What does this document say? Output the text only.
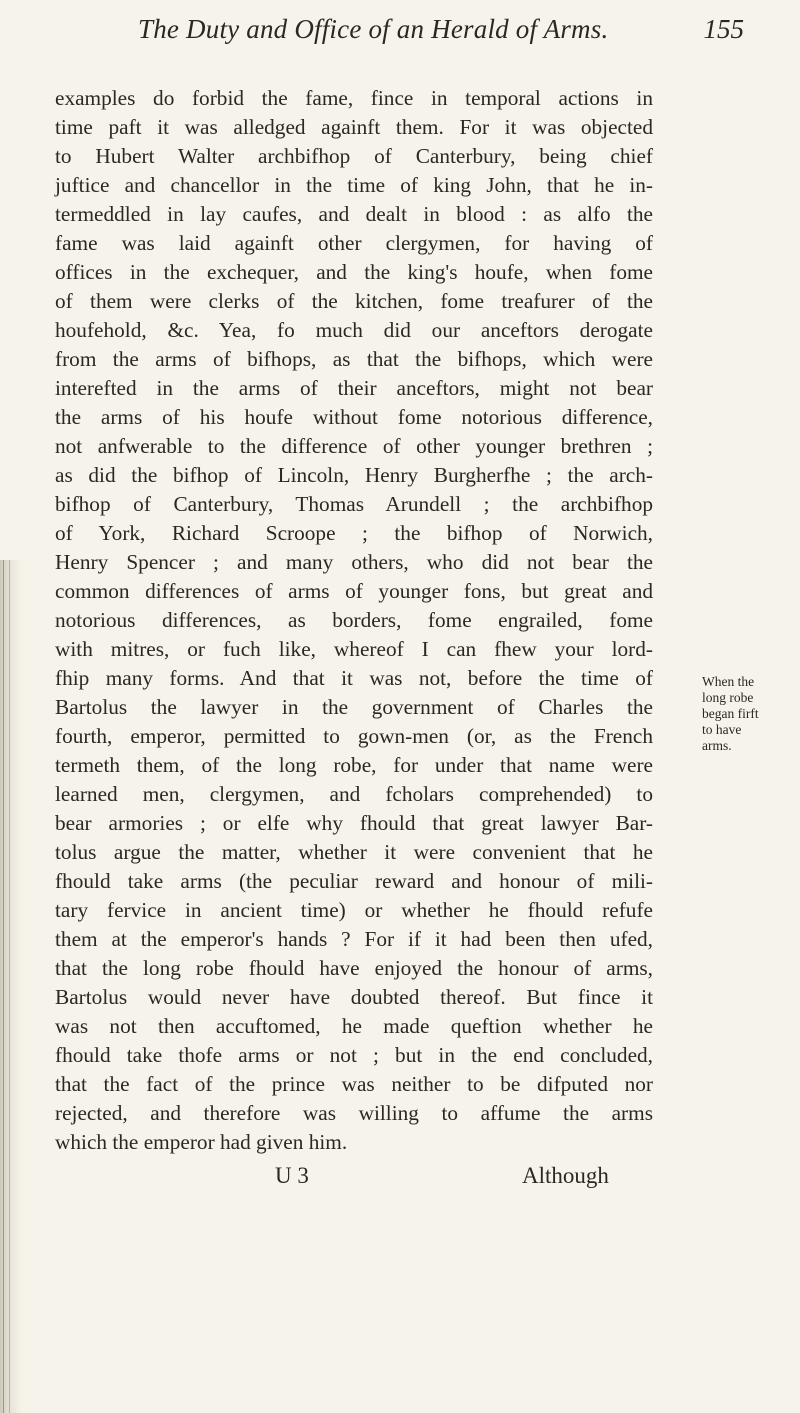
The Duty and Office of an Herald of Arms.	155
examples do forbid the fame, fince in temporal actions in
time paft it was alledged againft them. For it was objected
to Hubert Walter archbifhop of Canterbury, being chief
juftice and chancellor in the time of king John, that he in-
termeddled in lay caufes, and dealt in blood : as alfo the
fame was laid againft other clergymen, for having of
offices in the exchequer, and the king's houfe, when fome
of them were clerks of the kitchen, fome treafurer of the
houfehold, &c. Yea, fo much did our anceftors derogate
from the arms of bifhops, as that the bifhops, which were
interefted in the arms of their anceftors, might not bear
the arms of his houfe without fome notorious difference,
not anfwerable to the difference of other younger brethren ;
as did the bifhop of Lincoln, Henry Burgherfhe ; the arch-
bifhop of Canterbury, Thomas Arundell ; the archbifhop
of York, Richard Scroope ; the bifhop of Norwich,
Henry Spencer ; and many others, who did not bear the
common differences of arms of younger fons, but great and
notorious differences, as borders, fome engrailed, fome
with mitres, or fuch like, whereof I can fhew your lord-
fhip many forms. And that it was not, before the time of
Bartolus the lawyer in the government of Charles the
fourth, emperor, permitted to gown-men (or, as the French
termeth them, of the long robe, for under that name were
learned men, clergymen, and fcholars comprehended) to
bear armories ; or elfe why fhould that great lawyer Bar-
tolus argue the matter, whether it were convenient that he
fhould take arms (the peculiar reward and honour of mili-
tary fervice in ancient time) or whether he fhould refufe
them at the emperor's hands ? For if it had been then ufed,
that the long robe fhould have enjoyed the honour of arms,
Bartolus would never have doubted thereof. But fince it
was not then accuftomed, he made queftion whether he
fhould take thofe arms or not ; but in the end concluded,
that the fact of the prince was neither to be difputed nor
rejected, and therefore was willing to affume the arms
which the emperor had given him.
When the
long robe
began firft
to have
arms.
U 3	Although
